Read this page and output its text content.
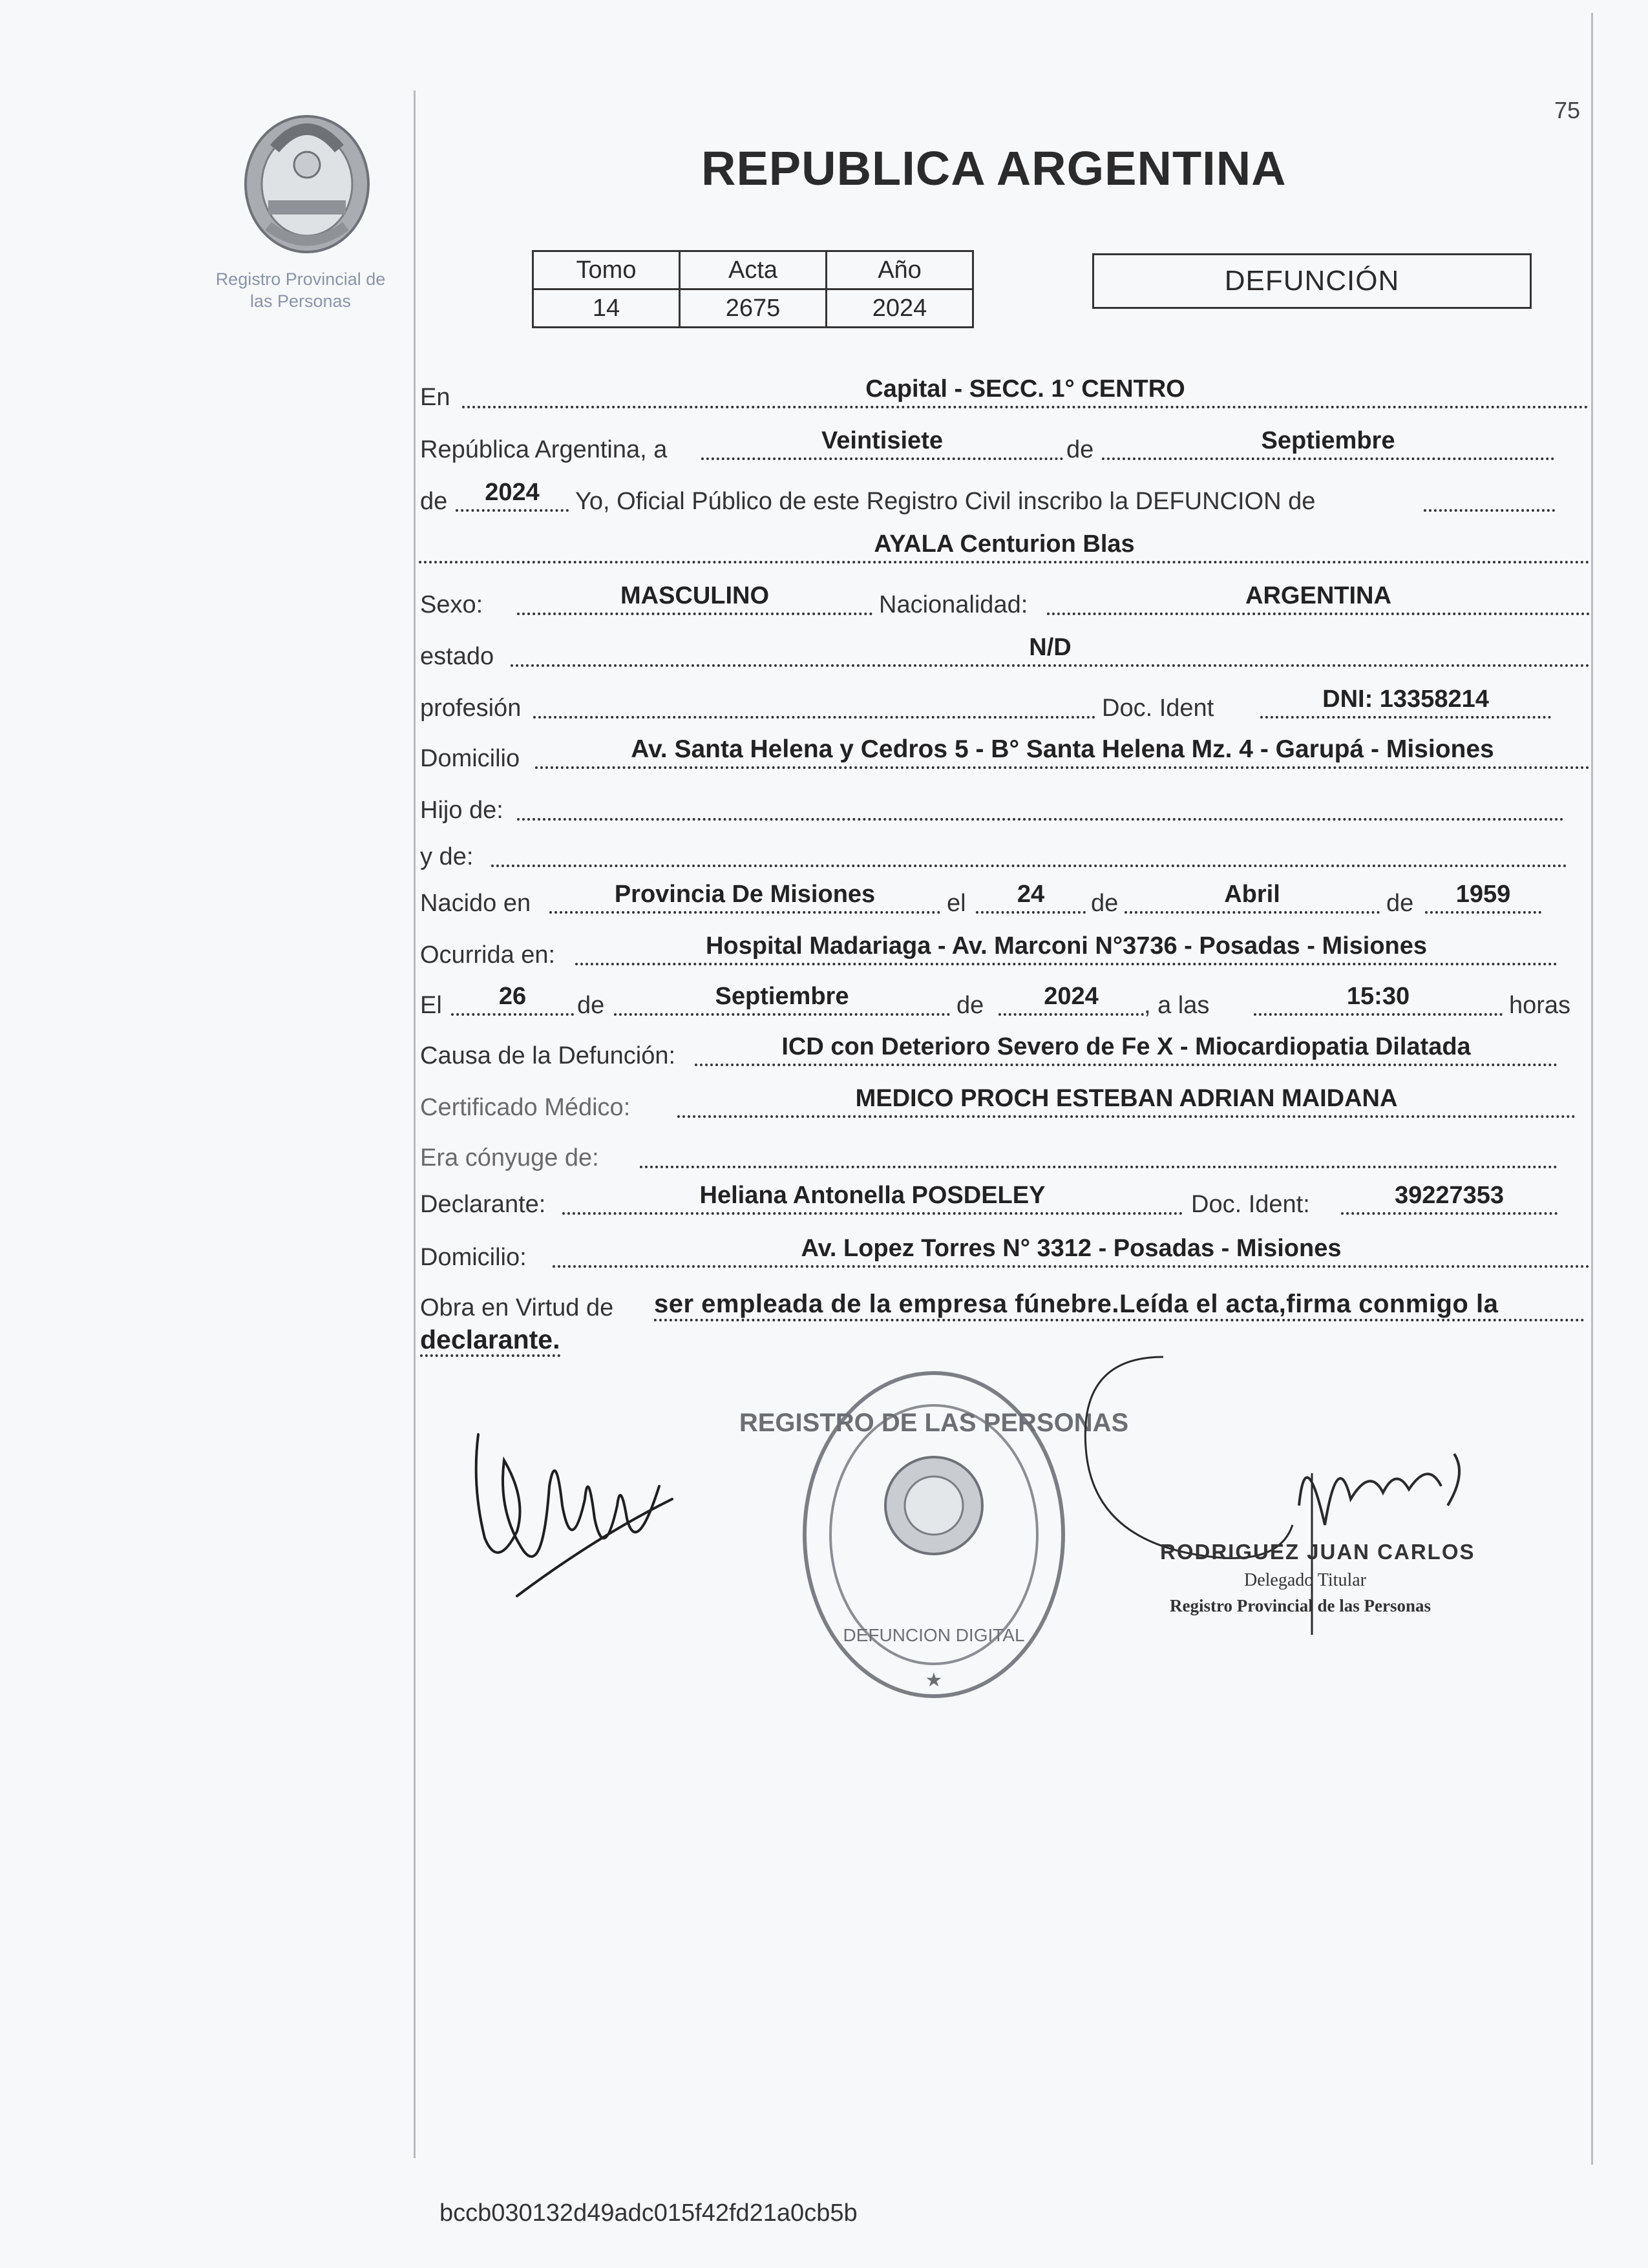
75
Registro Provincial de
las Personas
REPUBLICA ARGENTINA
Tomo	Acta	Año
14	2675	2024
DEFUNCIÓN
En	Capital - SECC. 1° CENTRO
República Argentina, a	Veintisiete	de	Septiembre
de	2024	Yo, Oficial Público de este Registro Civil inscribo la DEFUNCION de
AYALA Centurion Blas
Sexo:	MASCULINO	Nacionalidad:	ARGENTINA
estado	N/D
profesión	Doc. Ident	DNI: 13358214
Domicilio	Av. Santa Helena y Cedros 5 - B° Santa Helena Mz. 4 - Garupá - Misiones
Hijo de:
y de:
Nacido en	Provincia De Misiones	el	24	de	Abril	de	1959
Ocurrida en:	Hospital Madariaga - Av. Marconi N°3736 - Posadas - Misiones
El	26	de	Septiembre	de	2024	, a las	15:30	horas
Causa de la Defunción:	ICD con Deterioro Severo de Fe X - Miocardiopatia Dilatada
Certificado Médico:	MEDICO PROCH ESTEBAN ADRIAN MAIDANA
Era cónyuge de:
Declarante:	Heliana Antonella POSDELEY	Doc. Ident:	39227353
Domicilio:	Av. Lopez Torres N° 3312 - Posadas - Misiones
Obra en Virtud de ser empleada de la empresa fúnebre.Leída el acta,firma conmigo la
declarante.
REGISTRO DE LAS PERSONAS
DEFUNCION DIGITAL
★
RODRIGUEZ JUAN CARLOS
Delegado Titular
Registro Provincial de las Personas
bccb030132d49adc015f42fd21a0cb5b
